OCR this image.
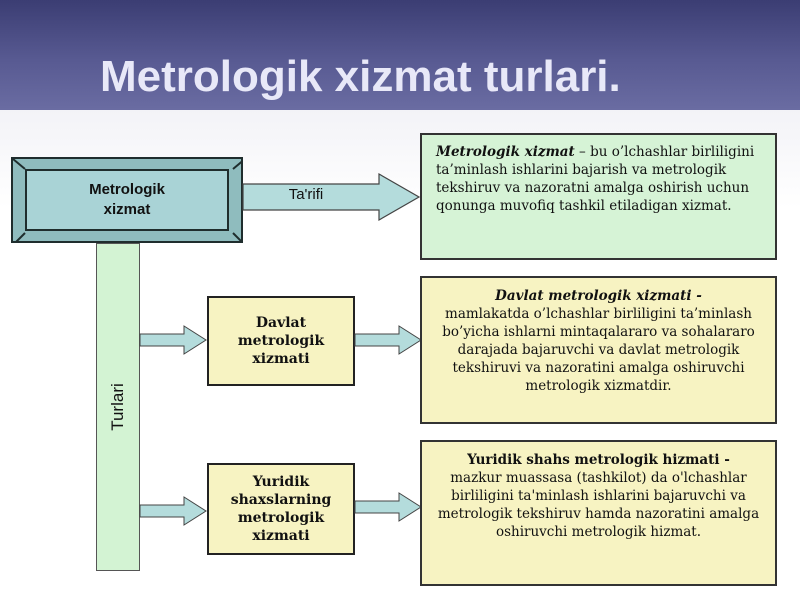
Metrologik xizmat turlari.
Metrologik
xizmat
Turlari
Ta'rifi
Davlat
metrologik
xizmati
Yuridik
shaxslarning
metrologik
xizmati
Metrologik xizmat – bu o’lchashlar birliligini ta’minlash ishlarini bajarish va metrologik tekshiruv va nazoratni amalga oshirish uchun qonunga muvofiq tashkil etiladigan xizmat.
Davlat metrologik xizmati -
mamlakatda o’lchashlar birliligini ta’minlash bo’yicha ishlarni mintaqalararo va sohalararo darajada bajaruvchi va davlat metrologik tekshiruvi va nazoratini amalga oshiruvchi metrologik xizmatdir.
Yuridik shahs metrologik hizmati -
mazkur muassasa (tashkilot) da o'lchashlar birliligini ta'minlash ishlarini bajaruvchi va metrologik tekshiruv hamda nazoratini amalga oshiruvchi metrologik hizmat.
